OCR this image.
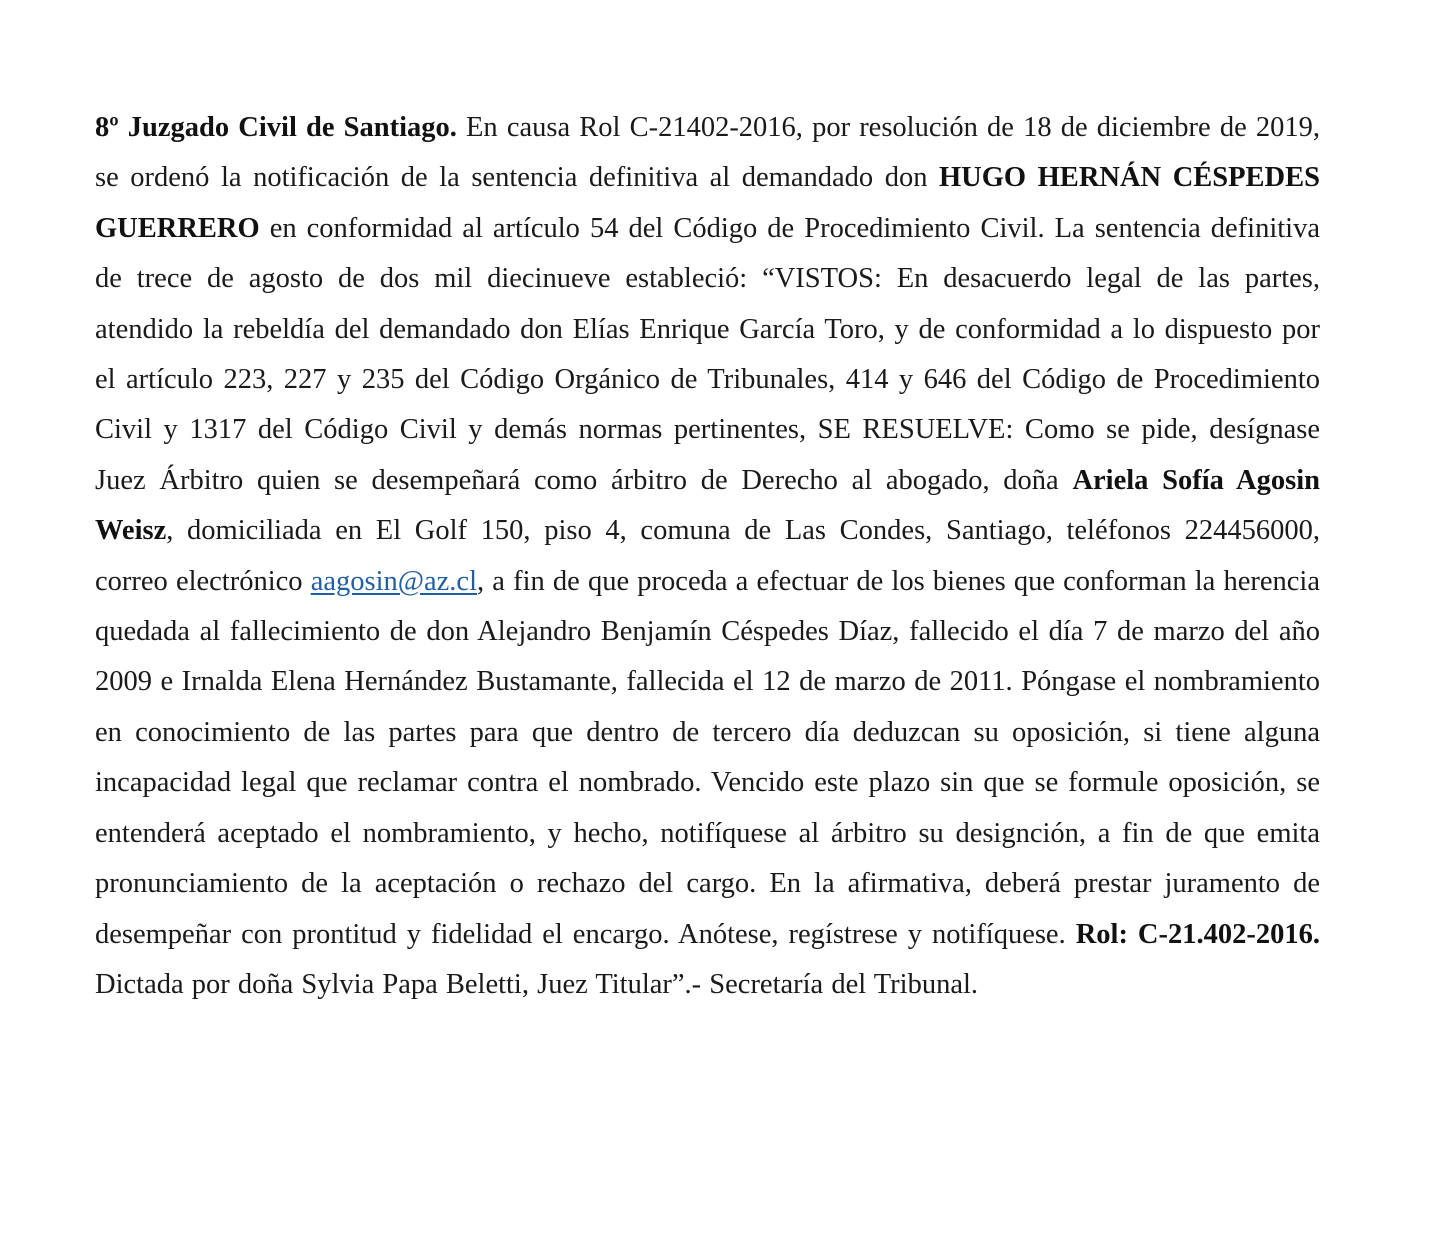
8º Juzgado Civil de Santiago. En causa Rol C-21402-2016, por resolución de 18 de diciembre de 2019, se ordenó la notificación de la sentencia definitiva al demandado don HUGO HERNÁN CÉSPEDES GUERRERO en conformidad al artículo 54 del Código de Procedimiento Civil. La sentencia definitiva de trece de agosto de dos mil diecinueve estableció: “VISTOS: En desacuerdo legal de las partes, atendido la rebeldía del demandado don Elías Enrique García Toro, y de conformidad a lo dispuesto por el artículo 223, 227 y 235 del Código Orgánico de Tribunales, 414 y 646 del Código de Procedimiento Civil y 1317 del Código Civil y demás normas pertinentes, SE RESUELVE: Como se pide, desígnase Juez Árbitro quien se desempeñará como árbitro de Derecho al abogado, doña Ariela Sofía Agosin Weisz, domiciliada en El Golf 150, piso 4, comuna de Las Condes, Santiago, teléfonos 224456000, correo electrónico aagosin@az.cl, a fin de que proceda a efectuar de los bienes que conforman la herencia quedada al fallecimiento de don Alejandro Benjamín Céspedes Díaz, fallecido el día 7 de marzo del año 2009 e Irnalda Elena Hernández Bustamante, fallecida el 12 de marzo de 2011. Póngase el nombramiento en conocimiento de las partes para que dentro de tercero día deduzcan su oposición, si tiene alguna incapacidad legal que reclamar contra el nombrado. Vencido este plazo sin que se formule oposición, se entenderá aceptado el nombramiento, y hecho, notifíquese al árbitro su designción, a fin de que emita pronunciamiento de la aceptación o rechazo del cargo. En la afirmativa, deberá prestar juramento de desempeñar con prontitud y fidelidad el encargo. Anótese, regístrese y notifíquese. Rol: C-21.402-2016. Dictada por doña Sylvia Papa Beletti, Juez Titular”.- Secretaría del Tribunal.
